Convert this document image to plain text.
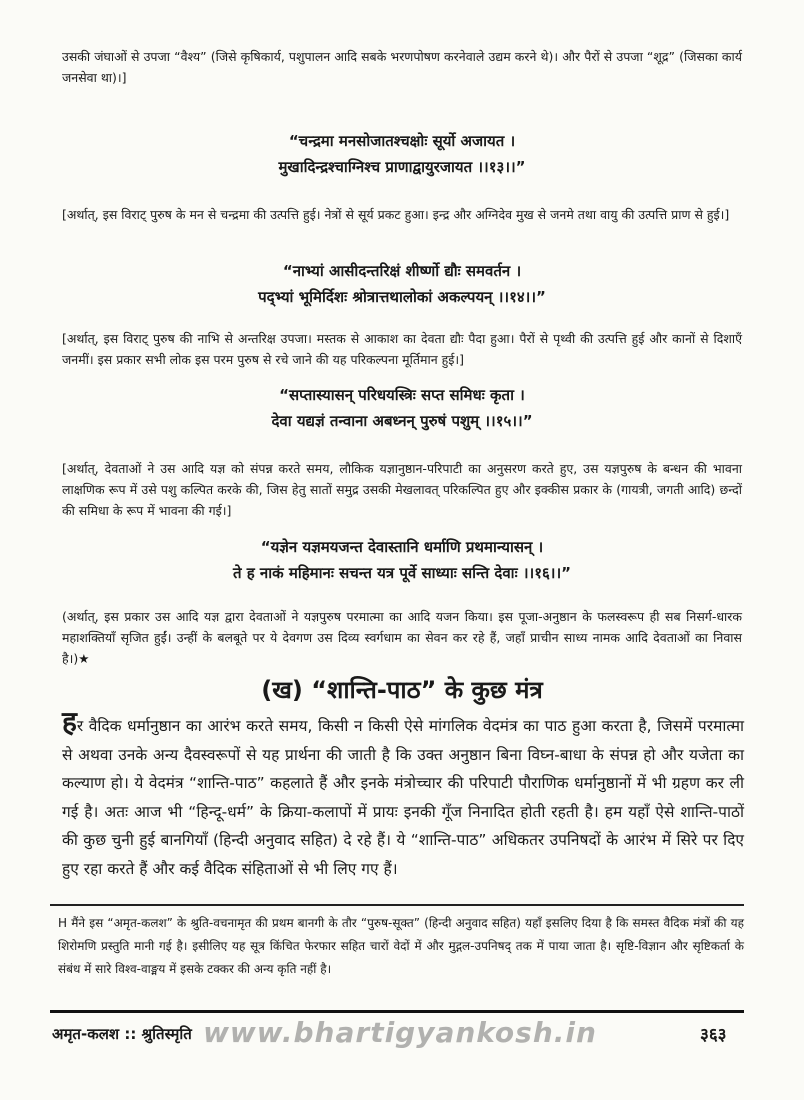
उसकी जंघाओं से उपजा “वैश्य” (जिसे कृषिकार्य, पशुपालन आदि सबके भरणपोषण करनेवाले उद्यम करने थे)। और पैरों से उपजा “शूद्र” (जिसका कार्य जनसेवा था)।]

“चन्द्रमा मनसोजातश्चक्षोः सूर्यो अजायत ।
मुखादिन्द्रश्चाग्निश्च प्राणाद्वायुरजायत ।।१३।।”

[अर्थात्, इस विराट् पुरुष के मन से चन्द्रमा की उत्पत्ति हुई। नेत्रों से सूर्य प्रकट हुआ। इन्द्र और अग्निदेव मुख से जनमे तथा वायु की उत्पत्ति प्राण से हुई।]

“नाभ्यां आसीदन्तरिक्षं शीर्ष्णो द्यौः समवर्तन ।
पद्भ्यां भूमिर्दिशः श्रोत्रात्तथालोकां अकल्पयन् ।।१४।।”

[अर्थात्, इस विराट् पुरुष की नाभि से अन्तरिक्ष उपजा। मस्तक से आकाश का देवता द्यौः पैदा हुआ। पैरों से पृथ्वी की उत्पत्ति हुई और कानों से दिशाएँ जनमीं। इस प्रकार सभी लोक इस परम पुरुष से रचे जाने की यह परिकल्पना मूर्तिमान हुई।]

“सप्तास्यासन् परिधयस्त्रिः सप्त समिधः कृता ।
देवा यद्यज्ञं तन्वाना अबध्नन् पुरुषं पशुम् ।।१५।।”

[अर्थात्, देवताओं ने उस आदि यज्ञ को संपन्न करते समय, लौकिक यज्ञानुष्ठान-परिपाटी का अनुसरण करते हुए, उस यज्ञपुरुष के बन्धन की भावना लाक्षणिक रूप में उसे पशु कल्पित करके की, जिस हेतु सातों समुद्र उसकी मेखलावत् परिकल्पित हुए और इक्कीस प्रकार के (गायत्री, जगती आदि) छन्दों की समिधा के रूप में भावना की गई।]

“यज्ञेन यज्ञमयजन्त देवास्तानि धर्माणि प्रथमान्यासन् ।
ते ह नाकं महिमानः सचन्त यत्र पूर्वे साध्याः सन्ति देवाः ।।१६।।”

(अर्थात्, इस प्रकार उस आदि यज्ञ द्वारा देवताओं ने यज्ञपुरुष परमात्मा का आदि यजन किया। इस पूजा-अनुष्ठान के फलस्वरूप ही सब निसर्ग-धारक महाशक्तियाँ सृजित हुईं। उन्हीं के बलबूते पर ये देवगण उस दिव्य स्वर्गधाम का सेवन कर रहे हैं, जहाँ प्राचीन साध्य नामक आदि देवताओं का निवास है।)★

(ख) “शान्ति-पाठ” के कुछ मंत्र

हर वैदिक धर्मानुष्ठान का आरंभ करते समय, किसी न किसी ऐसे मांगलिक वेदमंत्र का पाठ हुआ करता है, जिसमें परमात्मा से अथवा उनके अन्य दैवस्वरूपों से यह प्रार्थना की जाती है कि उक्त अनुष्ठान बिना विघ्न-बाधा के संपन्न हो और यजेता का कल्याण हो। ये वेदमंत्र “शान्ति-पाठ” कहलाते हैं और इनके मंत्रोच्चार की परिपाटी पौराणिक धर्मानुष्ठानों में भी ग्रहण कर ली गई है। अतः आज भी “हिन्दू-धर्म” के क्रिया-कलापों में प्रायः इनकी गूँज निनादित होती रहती है। हम यहाँ ऐसे शान्ति-पाठों की कुछ चुनी हुई बानगियाँ (हिन्दी अनुवाद सहित) दे रहे हैं। ये “शान्ति-पाठ” अधिकतर उपनिषदों के आरंभ में सिरे पर दिए हुए रहा करते हैं और कई वैदिक संहिताओं से भी लिए गए हैं।

H मैंने इस “अमृत-कलश” के श्रुति-वचनामृत की प्रथम बानगी के तौर “पुरुष-सूक्त” (हिन्दी अनुवाद सहित) यहाँ इसलिए दिया है कि समस्त वैदिक मंत्रों की यह शिरोमणि प्रस्तुति मानी गई है। इसीलिए यह सूत्र किंचित फेरफार सहित चारों वेदों में और मुद्गल-उपनिषद् तक में पाया जाता है। सृष्टि-विज्ञान और सृष्टिकर्ता के संबंध में सारे विश्व-वाङ्मय में इसके टक्कर की अन्य कृति नहीं है।

अमृत-कलश :: श्रुतिस्मृति www.bhartigyankosh.in	३६३
